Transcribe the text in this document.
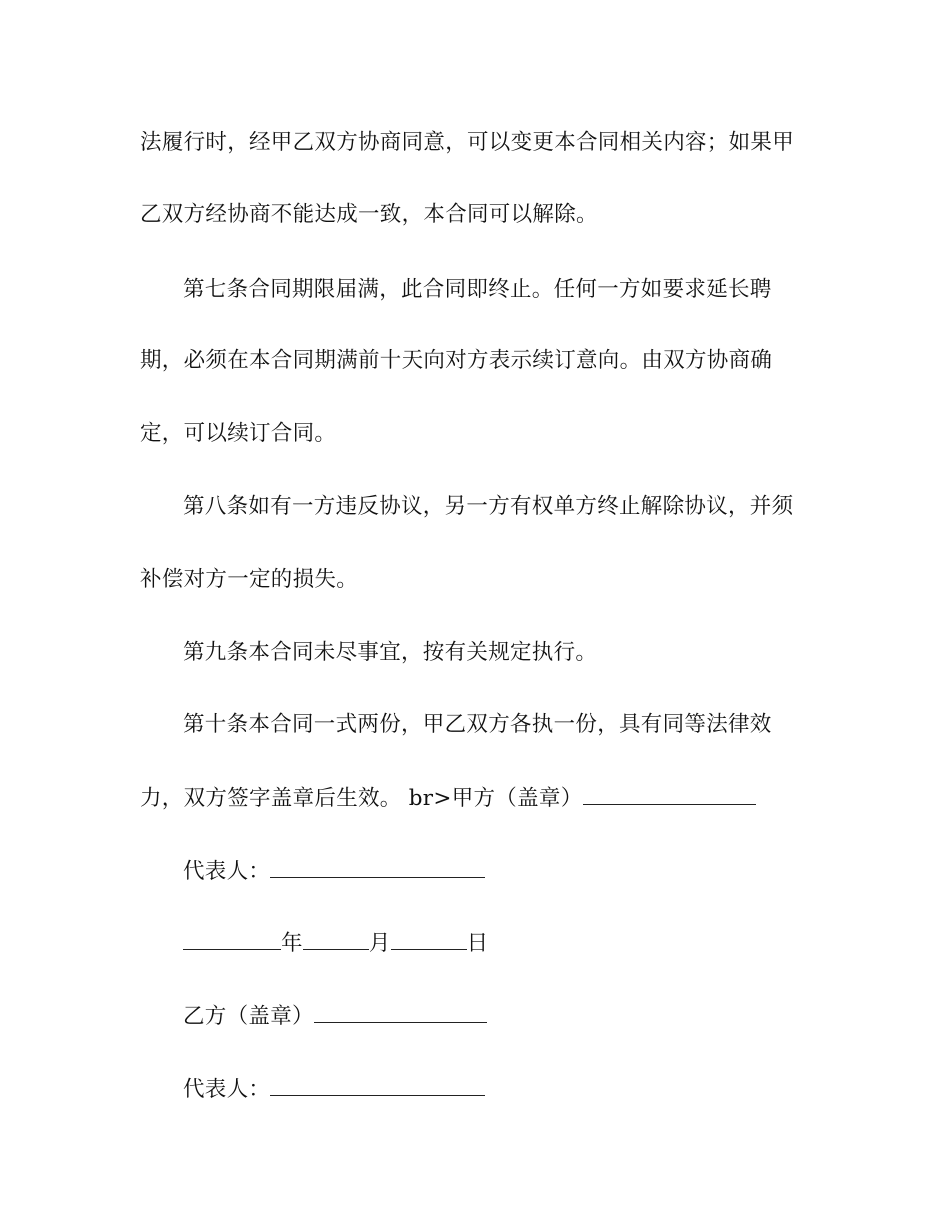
法履行时，经甲乙双方协商同意，可以变更本合同相关内容；如果甲
乙双方经协商不能达成一致，本合同可以解除。
第七条合同期限届满，此合同即终止。任何一方如要求延长聘
期，必须在本合同期满前十天向对方表示续订意向。由双方协商确
定，可以续订合同。
第八条如有一方违反协议，另一方有权单方终止解除协议，并须
补偿对方一定的损失。
第九条本合同未尽事宜，按有关规定执行。
第十条本合同一式两份，甲乙双方各执一份，具有同等法律效
力，双方签字盖章后生效。 br>甲方（盖章）
代表人：
年	月	日
乙方（盖章）
代表人：
